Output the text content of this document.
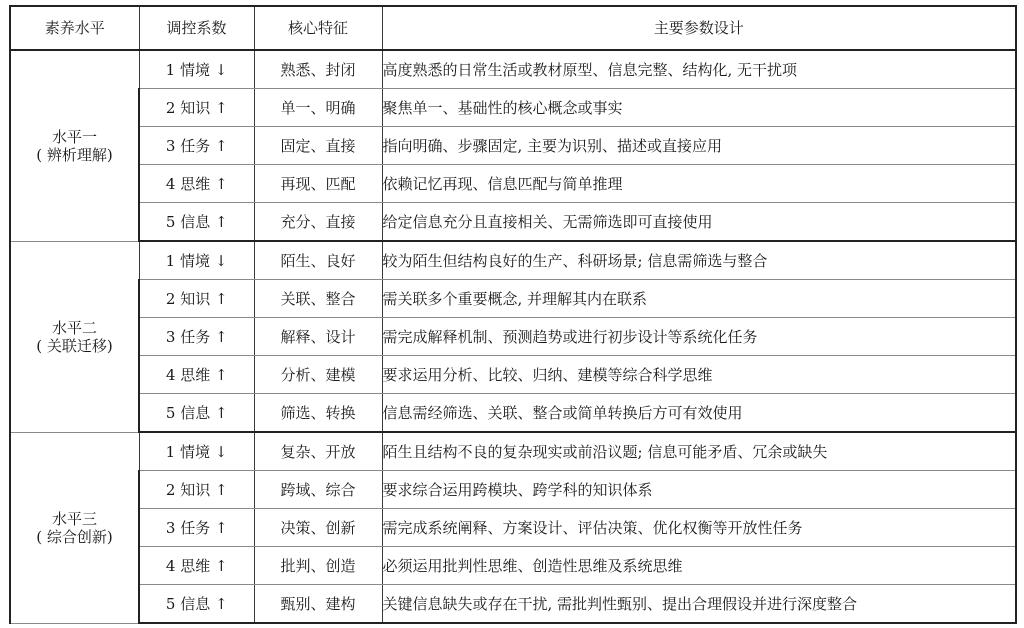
素养水平	调控系数	核心特征	主要参数设计

水平一
( 辨析理解)	1 情境 ↓	熟悉、封闭	高度熟悉的日常生活或教材原型、信息完整、结构化, 无干扰项
	2 知识 ↑	单一、明确	聚焦单一、基础性的核心概念或事实
	3 任务 ↑	固定、直接	指向明确、步骤固定, 主要为识别、描述或直接应用
	4 思维 ↑	再现、匹配	依赖记忆再现、信息匹配与简单推理
	5 信息 ↑	充分、直接	给定信息充分且直接相关、无需筛选即可直接使用

水平二
( 关联迁移)	1 情境 ↓	陌生、良好	较为陌生但结构良好的生产、科研场景; 信息需筛选与整合
	2 知识 ↑	关联、整合	需关联多个重要概念, 并理解其内在联系
	3 任务 ↑	解释、设计	需完成解释机制、预测趋势或进行初步设计等系统化任务
	4 思维 ↑	分析、建模	要求运用分析、比较、归纳、建模等综合科学思维
	5 信息 ↑	筛选、转换	信息需经筛选、关联、整合或简单转换后方可有效使用

水平三
( 综合创新)	1 情境 ↓	复杂、开放	陌生且结构不良的复杂现实或前沿议题; 信息可能矛盾、冗余或缺失
	2 知识 ↑	跨域、综合	要求综合运用跨模块、跨学科的知识体系
	3 任务 ↑	决策、创新	需完成系统阐释、方案设计、评估决策、优化权衡等开放性任务
	4 思维 ↑	批判、创造	必须运用批判性思维、创造性思维及系统思维
	5 信息 ↑	甄别、建构	关键信息缺失或存在干扰, 需批判性甄别、提出合理假设并进行深度整合
